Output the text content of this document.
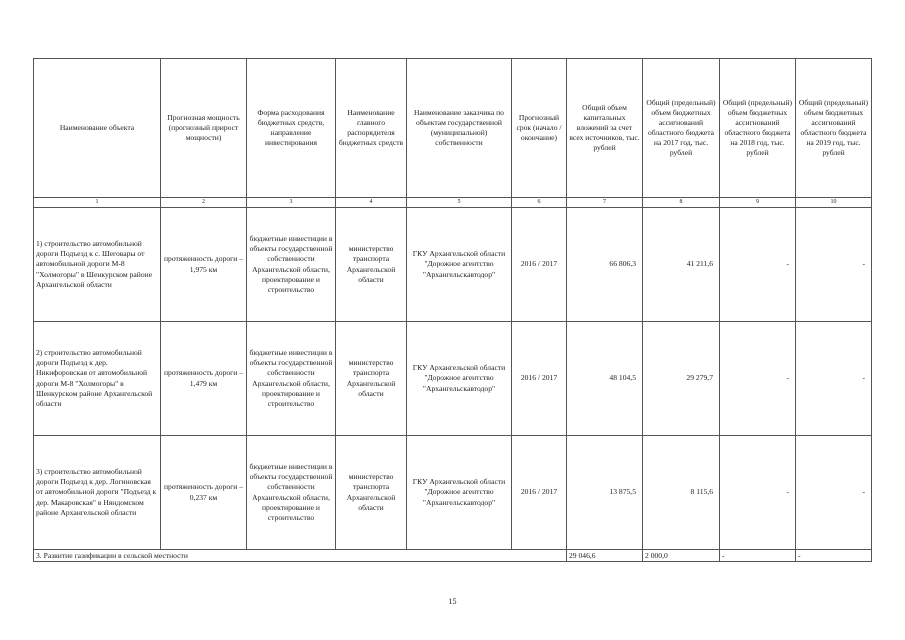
Наименование объекта	Прогнозная мощность (прогнозный прирост мощности)	Форма расходования бюджетных средств, направление инвестирования	Наименование главного распорядителя бюджетных средств	Наименование заказчика по объектам государственной (муниципальной) собственности	Прогнозный срок (начало / окончание)	Общий объем капитальных вложений за счет всех источников, тыс. рублей	Общий (предельный) объем бюджетных ассигнований областного бюджета на 2017 год, тыс. рублей	Общий (предельный) объем бюджетных ассигнований областного бюджета на 2018 год, тыс. рублей	Общий (предельный) объем бюджетных ассигнований областного бюджета на 2019 год, тыс. рублей
1	2	3	4	5	6	7	8	9	10
1) строительство автомобильной дороги Подъезд к с. Шеговары от автомобильной дороги М-8 "Холмогоры" в Шенкурском районе Архангельской области	протяженность дороги – 1,975 км	бюджетные инвестиции в объекты государственной собственности Архангельской области, проектирование и строительство	министерство транспорта Архангельской области	ГКУ Архангельской области "Дорожное агентство "Архангельскавтодор"	2016 / 2017	66 806,3	41 211,6	-	-
2) строительство автомобильной дороги Подъезд к дер. Никифоровская от автомобильной дороги М-8 "Холмогоры" в Шенкурском районе Архангельской области	протяженность дороги – 1,479 км	бюджетные инвестиции в объекты государственной собственности Архангельской области, проектирование и строительство	министерство транспорта Архангельской области	ГКУ Архангельской области "Дорожное агентство "Архангельскавтодор"	2016 / 2017	48 104,5	29 279,7	-	-
3) строительство автомобильной дороги Подъезд к дер. Логиновская от автомобильной дороги "Подъезд к дер. Макаровская" в Няндомском районе Архангельской области	протяженность дороги – 0,237 км	бюджетные инвестиции в объекты государственной собственности Архангельской области, проектирование и строительство	министерство транспорта Архангельской области	ГКУ Архангельской области "Дорожное агентство "Архангельскавтодор"	2016 / 2017	13 875,5	8 115,6	-	-
3. Развитие газификации в сельской местности						29 046,6	2 000,0	-	-
15
